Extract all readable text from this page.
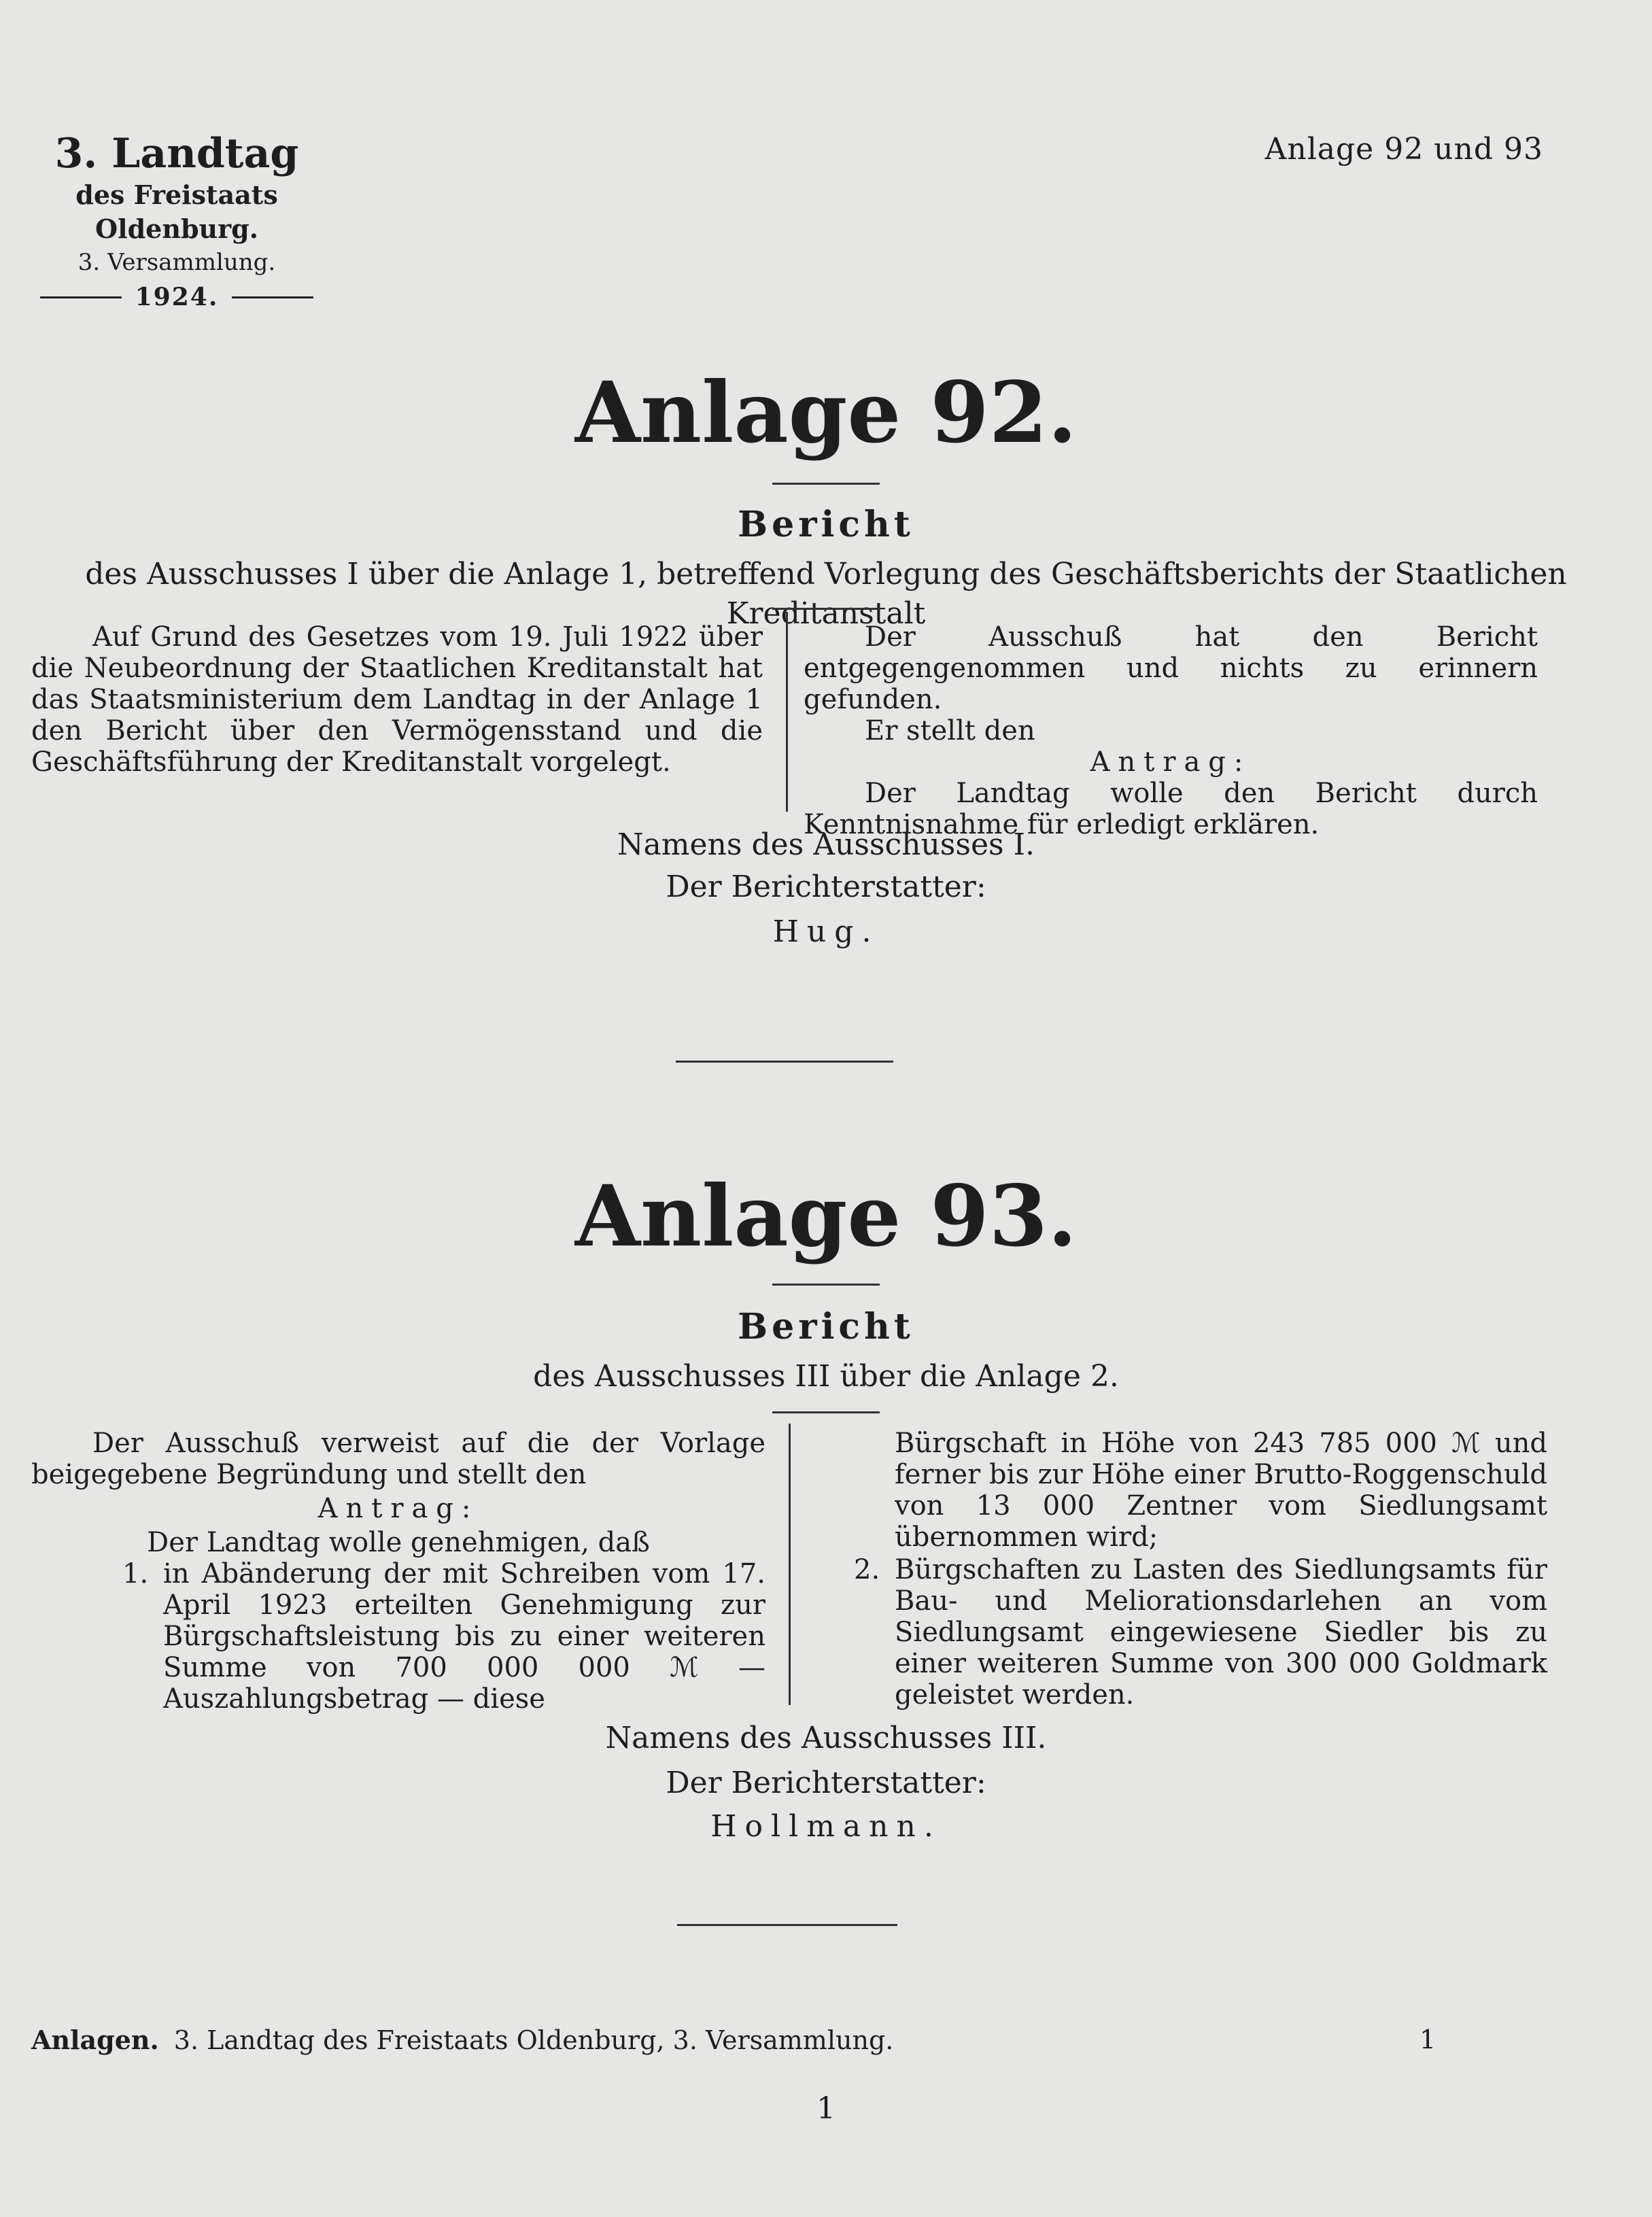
3. Landtag
des Freistaats Oldenburg.
3. Versammlung.
1924.
Anlage 92 und 93
Anlage 92.
Bericht
des Ausschusses I über die Anlage 1, betreffend Vorlegung des Geschäftsberichts der Staatlichen Kreditanstalt
Auf Grund des Gesetzes vom 19. Juli 1922 über die Neubeordnung der Staatlichen Kreditanstalt hat das Staatsministerium dem Landtag in der Anlage 1 den Bericht über den Vermögensstand und die Geschäftsführung der Kreditanstalt vorgelegt.

Der Ausschuß hat den Bericht entgegengenommen und nichts zu erinnern gefunden.

Er stellt den

Antrag:

Der Landtag wolle den Bericht durch Kenntnisnahme für erledigt erklären.

Namens des Ausschusses I.
Der Berichterstatter:
Hug.
Anlage 93.
Bericht
des Ausschusses III über die Anlage 2.

Der Ausschuß verweist auf die der Vorlage beigegebene Begründung und stellt den

Antrag:

Der Landtag wolle genehmigen, daß

1. in Abänderung der mit Schreiben vom 17. April 1923 erteilten Genehmigung zur Bürgschaftsleistung bis zu einer weiteren Summe von 700 000 000 ℳ — Auszahlungsbetrag — diese

Bürgschaft in Höhe von 243 785 000 ℳ und ferner bis zur Höhe einer Brutto-Roggenschuld von 13 000 Zentner vom Siedlungsamt übernommen wird;

2. Bürgschaften zu Lasten des Siedlungsamts für Bau- und Meliorationsdarlehen an vom Siedlungsamt eingewiesene Siedler bis zu einer weiteren Summe von 300 000 Goldmark geleistet werden.
Namens des Ausschusses III.
Der Berichterstatter:
Hollmann.
Anlagen. 3. Landtag des Freistaats Oldenburg, 3. Versammlung.	1
1
